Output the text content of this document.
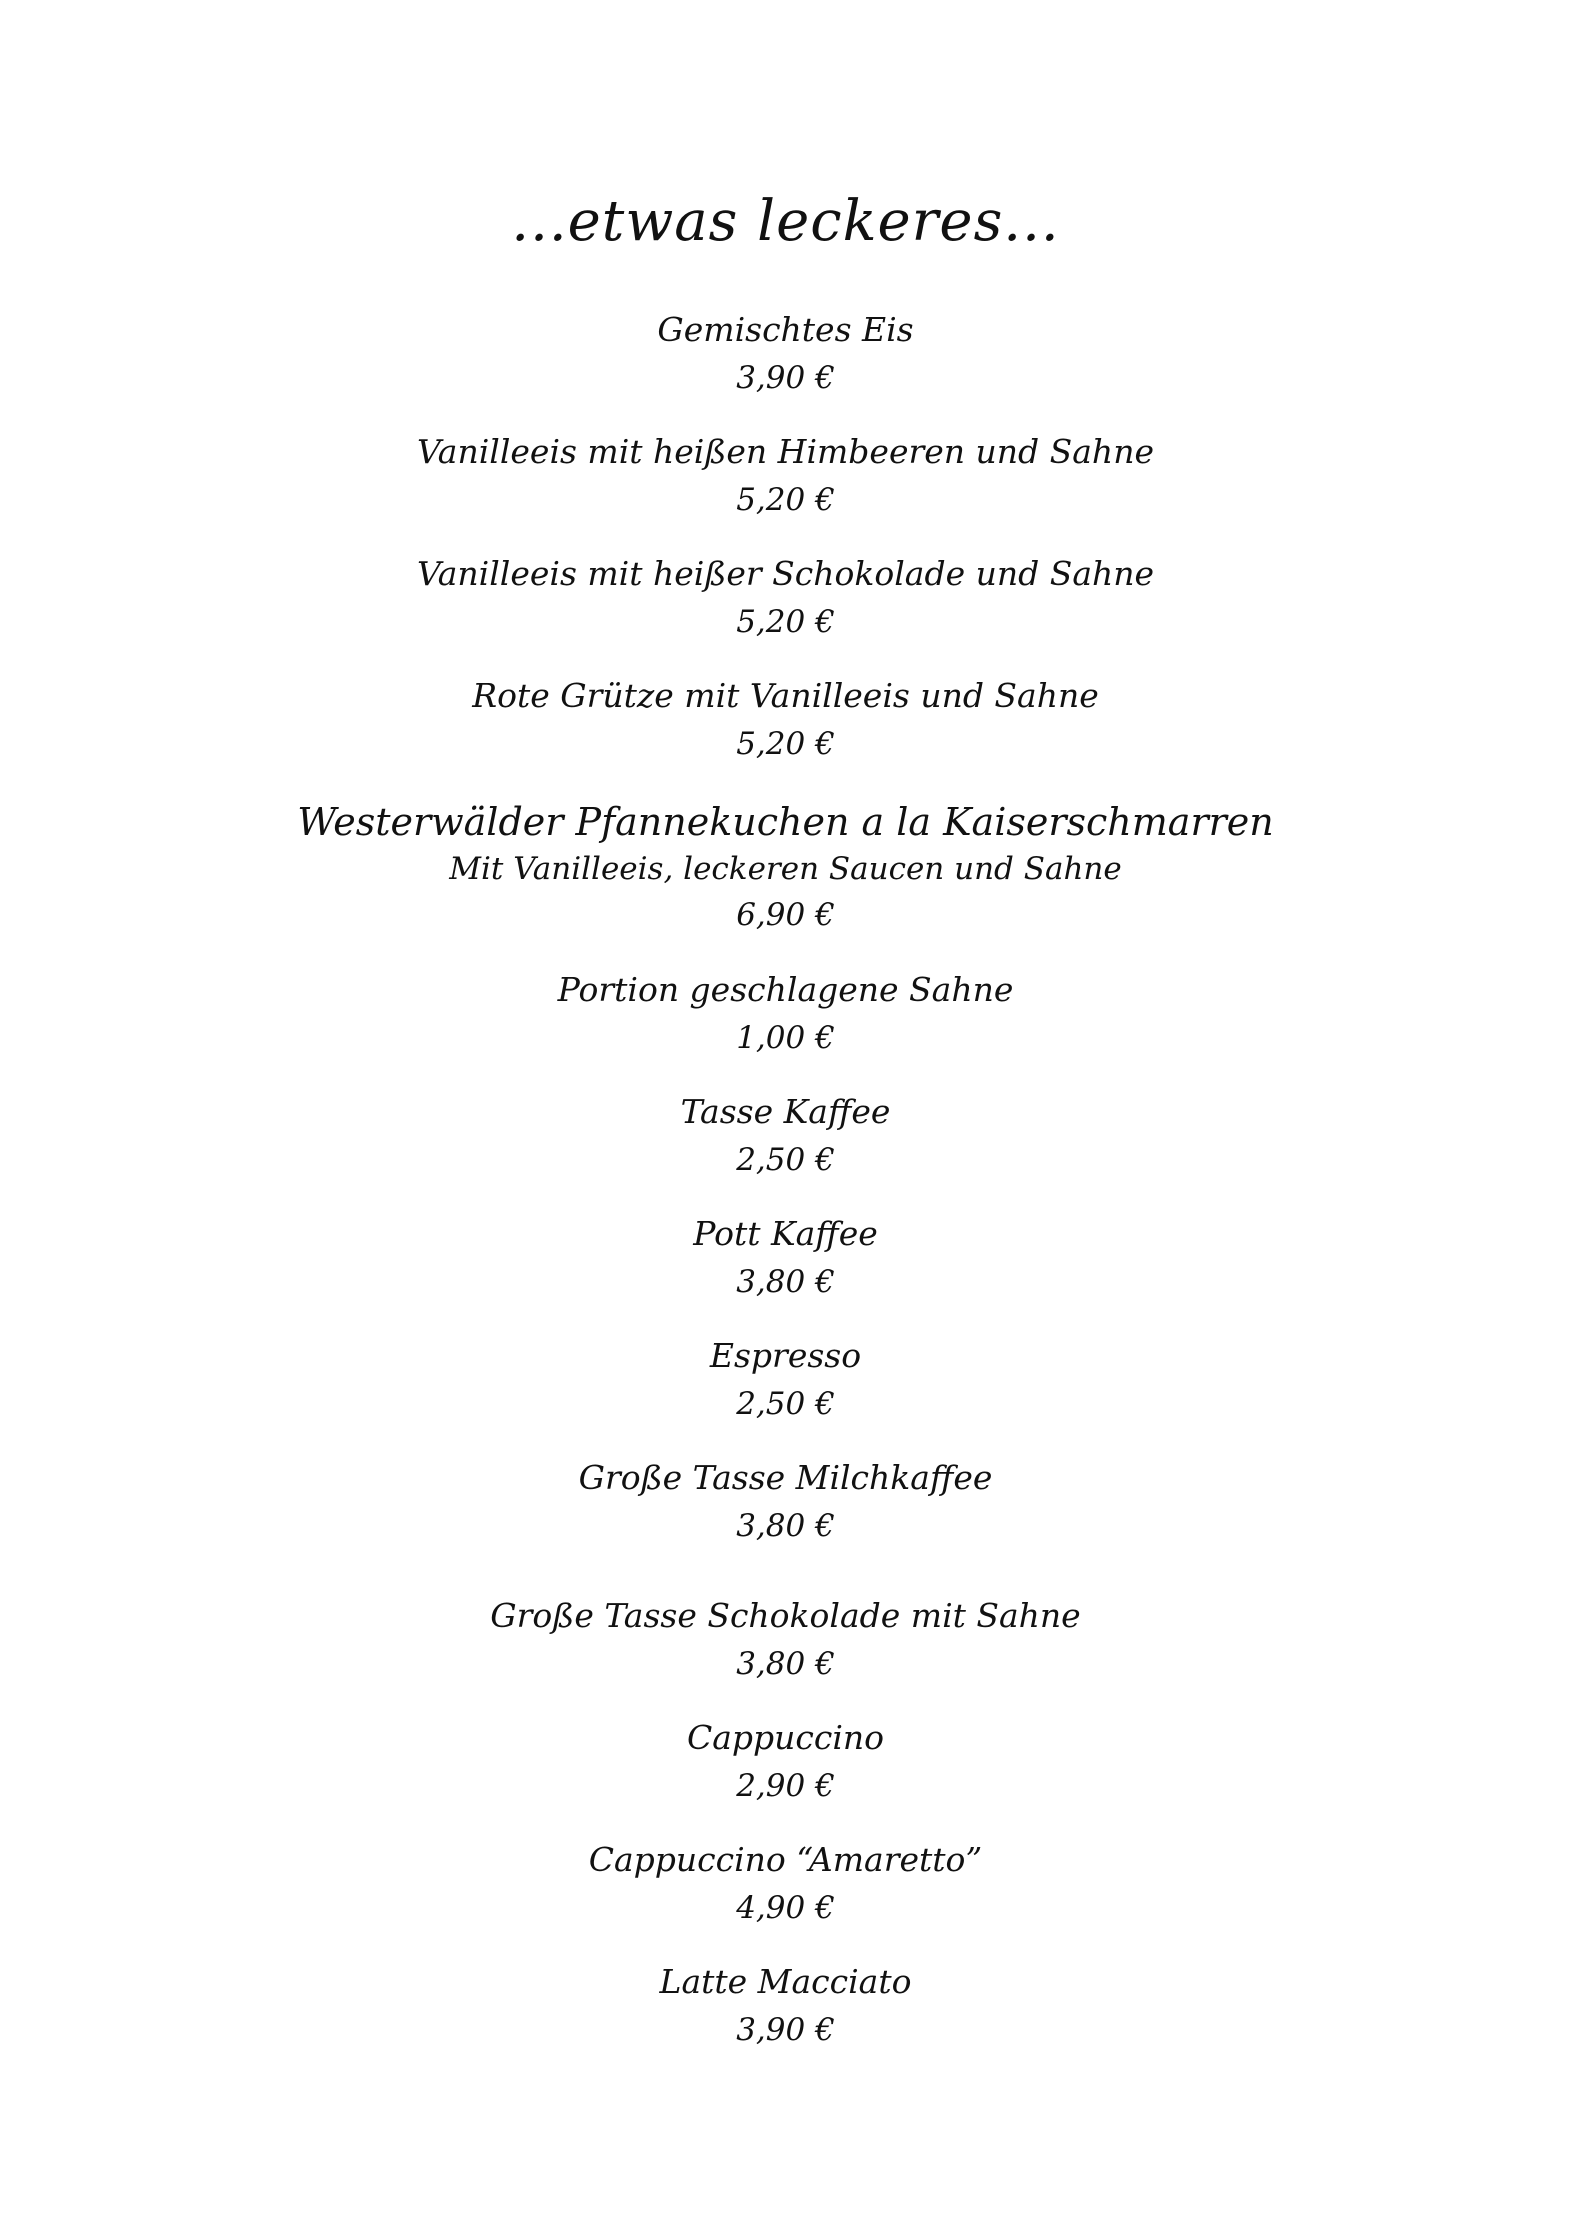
...etwas leckeres...
Gemischtes Eis
3,90 €
Vanilleeis mit heißen Himbeeren und Sahne
5,20 €
Vanilleeis mit heißer Schokolade und Sahne
5,20 €
Rote Grütze mit Vanilleeis und Sahne
5,20 €
Westerwälder Pfannekuchen a la Kaiserschmarren
Mit Vanilleeis, leckeren Saucen und Sahne
6,90 €
Portion geschlagene Sahne
1,00 €
Tasse Kaffee
2,50 €
Pott Kaffee
3,80 €
Espresso
2,50 €
Große Tasse Milchkaffee
3,80 €
Große Tasse Schokolade mit Sahne
3,80 €
Cappuccino
2,90 €
Cappuccino “Amaretto”
4,90 €
Latte Macciato
3,90 €
